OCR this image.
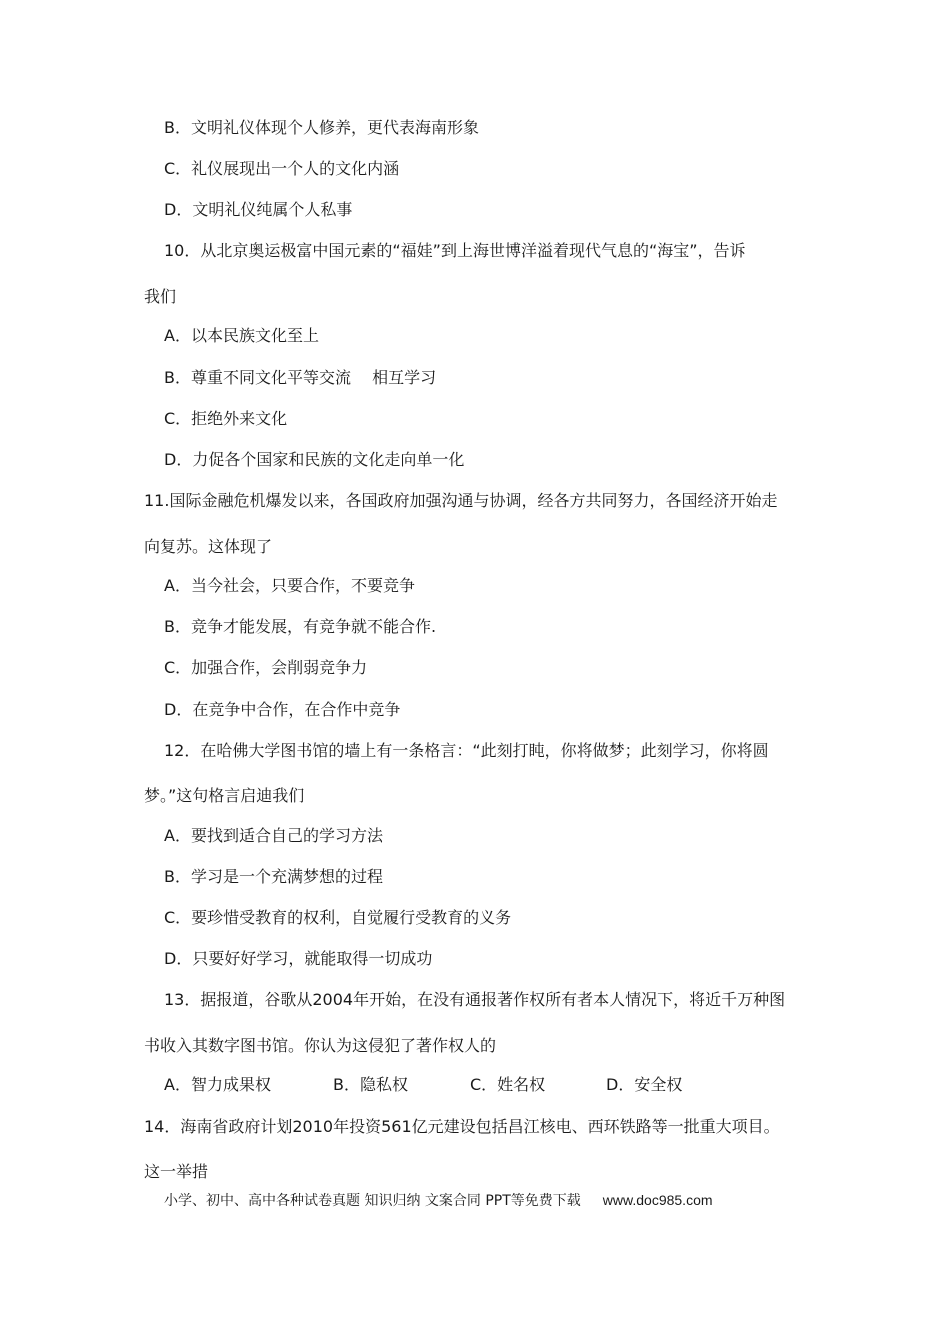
B．文明礼仪体现个人修养，更代表海南形象
C．礼仪展现出一个人的文化内涵
D．文明礼仪纯属个人私事
10．从北京奥运极富中国元素的“福娃”到上海世博洋溢着现代气息的“海宝”，告诉
我们
A．以本民族文化至上
B．尊重不同文化平等交流　 相互学习
C．拒绝外来文化
D．力促各个国家和民族的文化走向单一化
11.国际金融危机爆发以来，各国政府加强沟通与协调，经各方共同努力，各国经济开始走
向复苏。这体现了
A．当今社会，只要合作，不要竞争
B．竞争才能发展，有竞争就不能合作.
C．加强合作，会削弱竞争力
D．在竞争中合作，在合作中竞争
12．在哈佛大学图书馆的墙上有一条格言：“此刻打盹，你将做梦；此刻学习，你将圆
梦。”这句格言启迪我们
A．要找到适合自己的学习方法
B．学习是一个充满梦想的过程
C．要珍惜受教育的权利，自觉履行受教育的义务
D．只要好好学习，就能取得一切成功
13．据报道，谷歌从2004年开始，在没有通报著作权所有者本人情况下，将近千万种图
书收入其数字图书馆。你认为这侵犯了著作权人的
A．智力成果权	B．隐私权	C．姓名权	D．安全权
14．海南省政府计划2010年投资561亿元建设包括昌江核电、西环铁路等一批重大项目。
这一举措
小学、初中、高中各种试卷真题 知识归纳 文案合同 PPT等免费下载 www.doc985.com
